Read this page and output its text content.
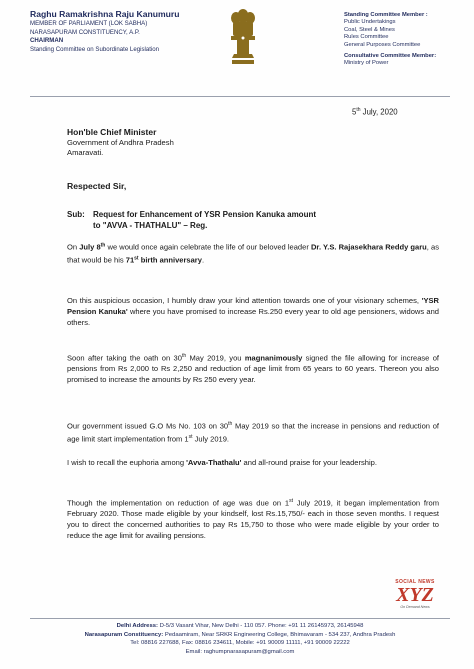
Raghu Ramakrishna Raju Kanumuru
MEMBER OF PARLIAMENT (LOK SABHA)
NARASAPURAM CONSTITUENCY, A.P.
CHAIRMAN
Standing Committee on Subordinate Legislation
Standing Committee Member :
Public Undertakings
Coal, Steel & Mines
Rules Committee
General Purposes Committee
Consultative Committee Member:
Ministry of Power
5th July, 2020
Hon'ble Chief Minister
Government of Andhra Pradesh
Amaravati.
Respected Sir,
Sub: Request for Enhancement of YSR Pension Kanuka amount
to "AVVA - THATHALU" – Reg.
On July 8th we would once again celebrate the life of our beloved leader Dr. Y.S. Rajasekhara Reddy garu, as that would be his 71st birth anniversary.
On this auspicious occasion, I humbly draw your kind attention towards one of your visionary schemes, 'YSR Pension Kanuka' where you have promised to increase Rs.250 every year to old age pensioners, widows and others.
Soon after taking the oath on 30th May 2019, you magnanimously signed the file allowing for increase of pensions from Rs 2,000 to Rs 2,250 and reduction of age limit from 65 years to 60 years. Thereon you also promised to increase the amounts by Rs 250 every year.
Our government issued G.O Ms No. 103 on 30th May 2019 so that the increase in pensions and reduction of age limit start implementation from 1st July 2019.
I wish to recall the euphoria among 'Avva-Thathalu' and all-round praise for your leadership.
Though the implementation on reduction of age was due on 1st July 2019, it began implementation from February 2020. Those made eligible by your kindself, lost Rs.15,750/- each in those seven months. I request you to direct the concerned authorities to pay Rs 15,750 to those who were made eligible by your order to reduce the age limit for availing pensions.
SOCIAL NEWS
XYZ
On Demand News
Delhi Address: D-5/3 Vasant Vihar, New Delhi - 110 057. Phone: +91 11 26145973, 26145948
Narasapuram Constituency: Pedaamiram, Near SRKR Engineering College, Bhimavaram - 534 237, Andhra Pradesh
Tel: 08816 227688, Fax: 08816 234611, Mobile: +91 90009 11111, +91 90009 22222
Email: raghumpnarasapuram@gmail.com
